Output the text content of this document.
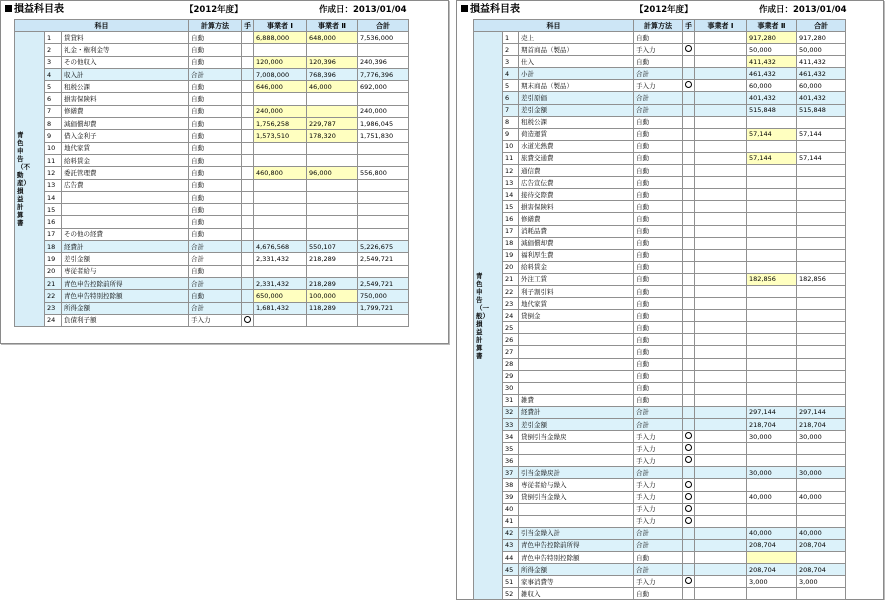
損益科目表	【2012年度】	作成日：2013/01/04
科目			計算方法	手	事業者 Ⅰ	事業者 Ⅱ	合計
青色申告（不動産）損益計算書	1	賃貸料	自動		6,888,000	648,000	7,536,000
	2	礼金・権利金等	自動				
	3	その他収入	自動		120,000	120,396	240,396
	4	収入計	合計		7,008,000	768,396	7,776,396
	5	租税公課	自動		646,000	46,000	692,000
	6	損害保険料	自動				
	7	修繕費	自動		240,000		240,000
	8	減価償却費	自動		1,756,258	229,787	1,986,045
	9	借入金利子	自動		1,573,510	178,320	1,751,830
	10	地代家賃	自動				
	11	給料賃金	自動				
	12	委託管理費	自動		460,800	96,000	556,800
	13	広告費	自動				
	14		自動				
	15		自動				
	16		自動				
	17	その他の経費	自動				
	18	経費計	合計		4,676,568	550,107	5,226,675
	19	差引金額	合計		2,331,432	218,289	2,549,721
	20	専従者給与	自動				
	21	青色申告控除前所得	合計		2,331,432	218,289	2,549,721
	22	青色申告特別控除額	自動		650,000	100,000	750,000
	23	所得金額	合計		1,681,432	118,289	1,799,721
	24	負債利子額	手入力				
損益科目表	【2012年度】	作成日：2013/01/04
科目			計算方法	手	事業者 Ⅰ	事業者 Ⅱ	合計
青色申告（一般）損益計算書	1	売上	自動			917,280	917,280
	2	期首商品（製品）	手入力			50,000	50,000
	3	仕入	自動			411,432	411,432
	4	小計	合計			461,432	461,432
	5	期末商品（製品）	手入力			60,000	60,000
	6	差引原価	合計			401,432	401,432
	7	差引金額	合計			515,848	515,848
	8	租税公課	自動				
	9	荷造運賃	自動			57,144	57,144
	10	水道光熱費	自動				
	11	旅費交通費	自動			57,144	57,144
	12	通信費	自動				
	13	広告宣伝費	自動				
	14	接待交際費	自動				
	15	損害保険料	自動				
	16	修繕費	自動				
	17	消耗品費	自動				
	18	減価償却費	自動				
	19	福利厚生費	自動				
	20	給料賃金	自動				
	21	外注工賃	自動			182,856	182,856
	22	利子割引料	自動				
	23	地代家賃	自動				
	24	貸倒金	自動				
	25		自動				
	26		自動				
	27		自動				
	28		自動				
	29		自動				
	30		自動				
	31	雑費	自動				
	32	経費計	合計			297,144	297,144
	33	差引金額	合計			218,704	218,704
	34	貸倒引当金繰戻	手入力			30,000	30,000
	35		手入力				
	36		手入力				
	37	引当金繰戻計	合計			30,000	30,000
	38	専従者給与繰入	手入力				
	39	貸倒引当金繰入	手入力			40,000	40,000
	40		手入力				
	41		手入力				
	42	引当金繰入計	合計			40,000	40,000
	43	青色申告控除前所得	合計			208,704	208,704
	44	青色申告特別控除額	自動				
	45	所得金額	合計			208,704	208,704
	51	家事消費等	手入力			3,000	3,000
	52	雑収入	自動				
